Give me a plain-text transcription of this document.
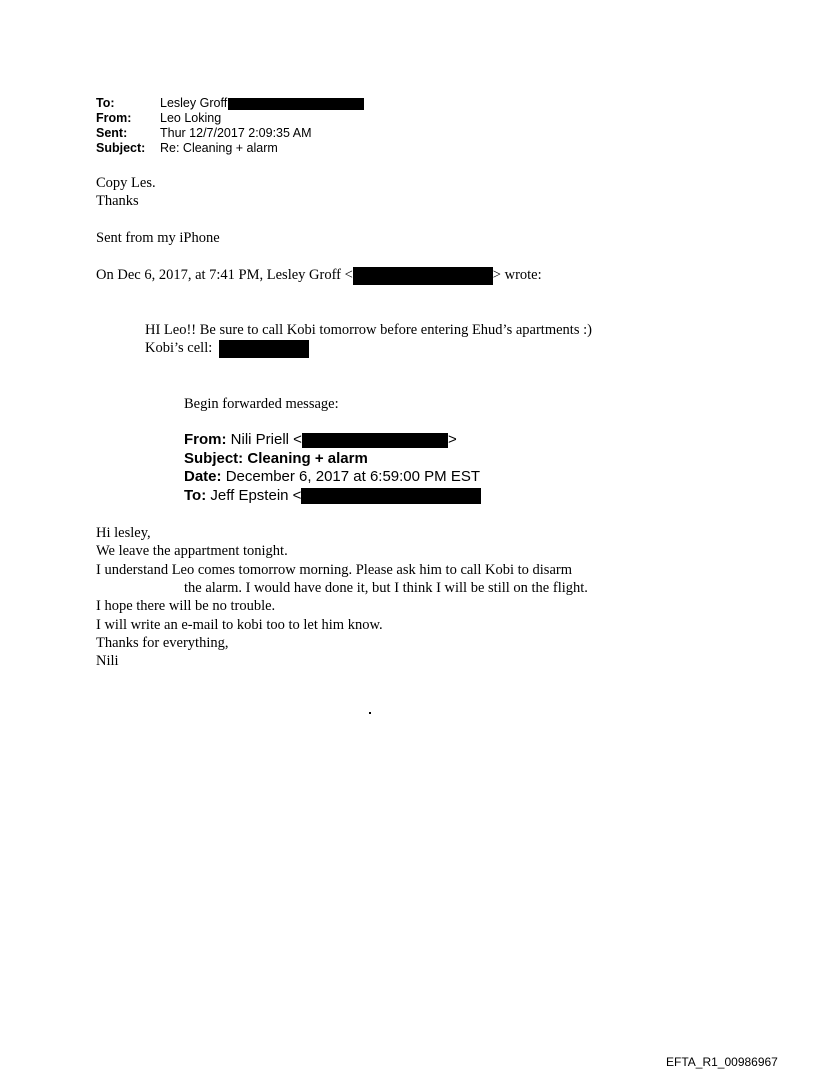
To:	Lesley Groff
From: Leo Loking
Sent:	Thur 12/7/2017 2:09:35 AM
Subject: Re: Cleaning + alarm
Copy Les.
Thanks
Sent from my iPhone
On Dec 6, 2017, at 7:41 PM, Lesley Groff <	> wrote:
HI Leo!! Be sure to call Kobi tomorrow before entering Ehud’s apartments :)
Kobi’s cell:
Begin forwarded message:
From: Nili Priell <	>
Subject: Cleaning + alarm
Date: December 6, 2017 at 6:59:00 PM EST
To: Jeff Epstein <
Hi lesley,
We leave the appartment tonight.
I understand Leo comes tomorrow morning. Please ask him to call Kobi to disarm
the alarm. I would have done it, but I think I will be still on the flight.
I hope there will be no trouble.
I will write an e-mail to kobi too to let him know.
Thanks for everything,
Nili
EFTA_R1_00986967
